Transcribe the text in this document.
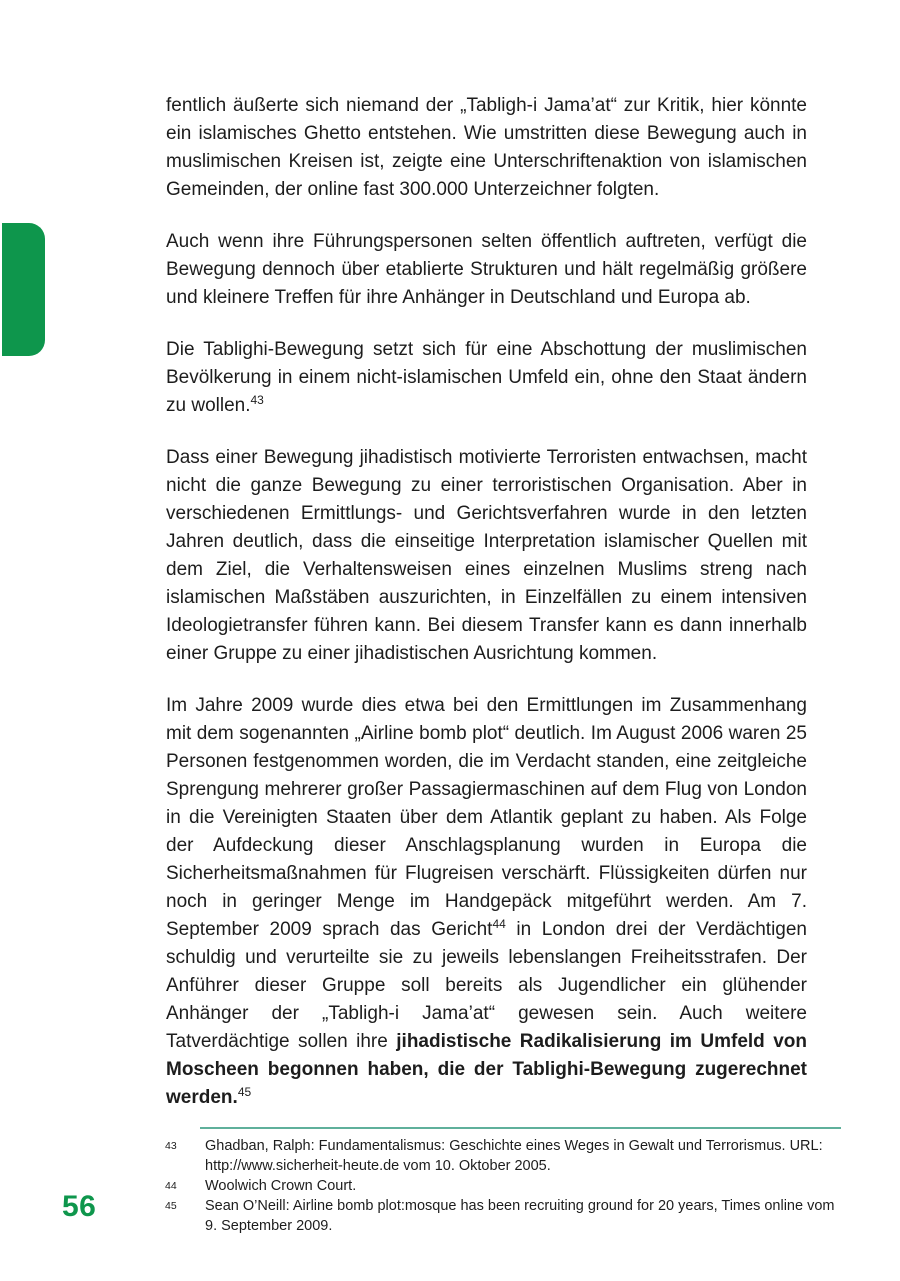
fentlich äußerte sich niemand der „Tabligh-i Jama’at“ zur Kritik, hier könnte ein islamisches Ghetto entstehen. Wie umstritten diese Bewegung auch in muslimischen Kreisen ist, zeigte eine Unterschriftenaktion von islamischen Gemeinden, der online fast 300.000 Unterzeichner folgten.

Auch wenn ihre Führungspersonen selten öffentlich auftreten, verfügt die Bewegung dennoch über etablierte Strukturen und hält regelmäßig größere und kleinere Treffen für ihre Anhänger in Deutschland und Europa ab.

Die Tablighi-Bewegung setzt sich für eine Abschottung der muslimischen Bevölkerung in einem nicht-islamischen Umfeld ein, ohne den Staat ändern zu wollen.$^{43}$

Dass einer Bewegung jihadistisch motivierte Terroristen entwachsen, macht nicht die ganze Bewegung zu einer terroristischen Organisation. Aber in verschiedenen Ermittlungs- und Gerichtsverfahren wurde in den letzten Jahren deutlich, dass die einseitige Interpretation islamischer Quellen mit dem Ziel, die Verhaltensweisen eines einzelnen Muslims streng nach islamischen Maßstäben auszurichten, in Einzelfällen zu einem intensiven Ideologietransfer führen kann. Bei diesem Transfer kann es dann innerhalb einer Gruppe zu einer jihadistischen Ausrichtung kommen.

Im Jahre 2009 wurde dies etwa bei den Ermittlungen im Zusammenhang mit dem sogenannten „Airline bomb plot“ deutlich. Im August 2006 waren 25 Personen festgenommen worden, die im Verdacht standen, eine zeitgleiche Sprengung mehrerer großer Passagiermaschinen auf dem Flug von London in die Vereinigten Staaten über dem Atlantik geplant zu haben. Als Folge der Aufdeckung dieser Anschlagsplanung wurden in Europa die Sicherheitsmaßnahmen für Flugreisen verschärft. Flüssigkeiten dürfen nur noch in geringer Menge im Handgepäck mitgeführt werden. Am 7. September 2009 sprach das Gericht$^{44}$ in London drei der Verdächtigen schuldig und verurteilte sie zu jeweils lebenslangen Freiheitsstrafen. Der Anführer dieser Gruppe soll bereits als Jugendlicher ein glühender Anhänger der „Tabligh-i Jama’at“ gewesen sein. Auch weitere Tatverdächtige sollen ihre jihadistische Radikalisierung im Umfeld von Moscheen begonnen haben, die der Tablighi-Bewegung zugerechnet werden.$^{45}$

43	Ghadban, Ralph: Fundamentalismus: Geschichte eines Weges in Gewalt und Terrorismus. URL: http://www.sicherheit-heute.de vom 10. Oktober 2005.
44	Woolwich Crown Court.
45	Sean O’Neill: Airline bomb plot:mosque has been recruiting ground for 20 years, Times online vom 9. September 2009.
56
